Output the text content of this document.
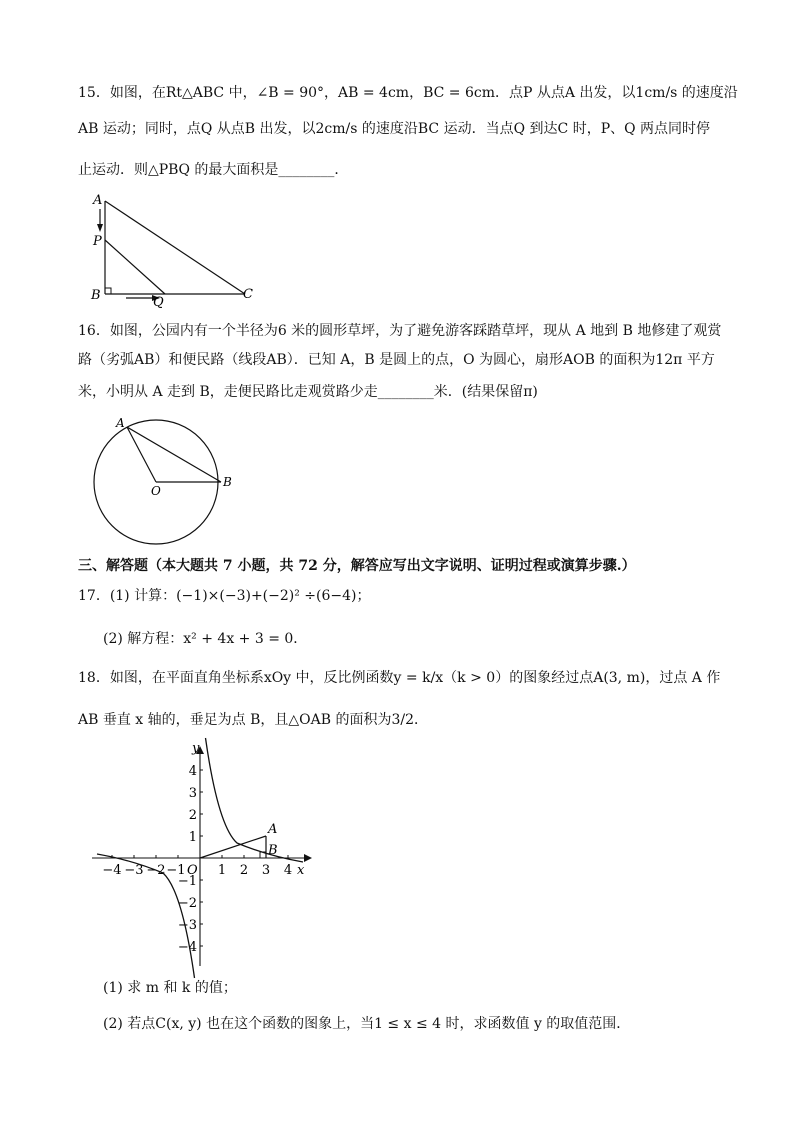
15．如图，在Rt△ABC 中，∠B = 90°，AB = 4cm，BC = 6cm．点P 从点A 出发，以1cm/s 的速度沿
AB 运动；同时，点Q 从点B 出发，以2cm/s 的速度沿BC 运动．当点Q 到达C 时，P、Q 两点同时停
止运动．则△PBQ 的最大面积是________．
A
P
B	Q
C
16．如图，公园内有一个半径为6 米的圆形草坪，为了避免游客踩踏草坪，现从 A 地到 B 地修建了观赏
路（劣弧AB）和便民路（线段AB）．已知 A，B 是圆上的点，O 为圆心，扇形AOB 的面积为12π 平方
米，小明从 A 走到 B，走便民路比走观赏路少走________米．(结果保留π)
A
O
B
三、解答题（本大题共 7 小题，共 72 分，解答应写出文字说明、证明过程或演算步骤.）
17．(1) 计算：(−1)×(−3)+(−2)² ÷(6−4)；
(2) 解方程：x² + 4x + 3 = 0．
18．如图，在平面直角坐标系xOy 中，反比例函数y = k/x（k > 0）的图象经过点A(3, m)，过点 A 作
AB 垂直 x 轴的，垂足为点 B，且△OAB 的面积为3/2．
y
x
O
−4 −3 −2 −1 1 2 3 4
4
3
2
1
−1
−2
−3
−4
A
B
(1) 求 m 和 k 的值；
(2) 若点C(x, y) 也在这个函数的图象上，当1 ≤ x ≤ 4 时，求函数值 y 的取值范围．
